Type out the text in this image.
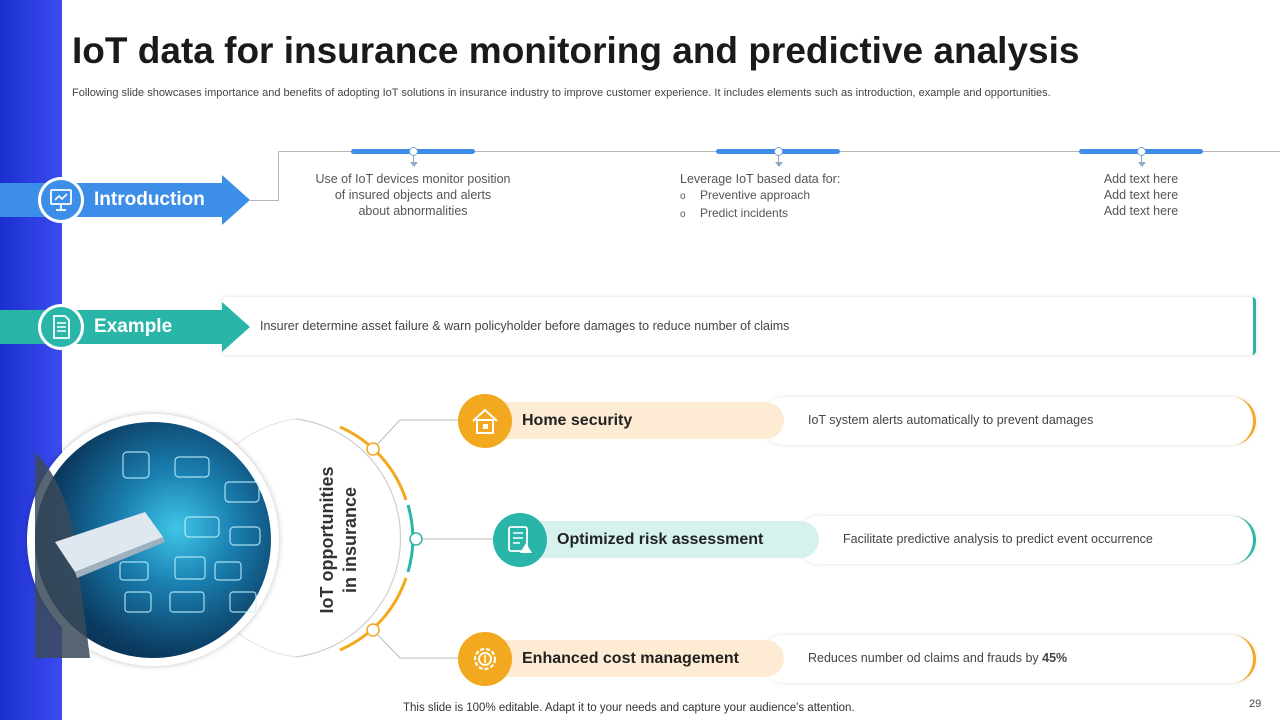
IoT data for insurance monitoring and predictive analysis
Following slide showcases importance and benefits of adopting IoT solutions in insurance industry to improve customer experience. It includes elements such as introduction, example and opportunities.
Introduction
Use of IoT devices monitor position
of insured objects and alerts
about abnormalities
Leverage IoT based data for:
o Preventive approach
o Predict incidents
Add text here
Add text here
Add text here
Example	Insurer determine asset failure & warn policyholder before damages to reduce number of claims
IoT opportunities in insurance
Home security	IoT system alerts automatically to prevent damages
Optimized risk assessment	Facilitate predictive analysis to predict event occurrence
Enhanced cost management	Reduces number od claims and frauds by 45%
This slide is 100% editable. Adapt it to your needs and capture your audience's attention.	29
